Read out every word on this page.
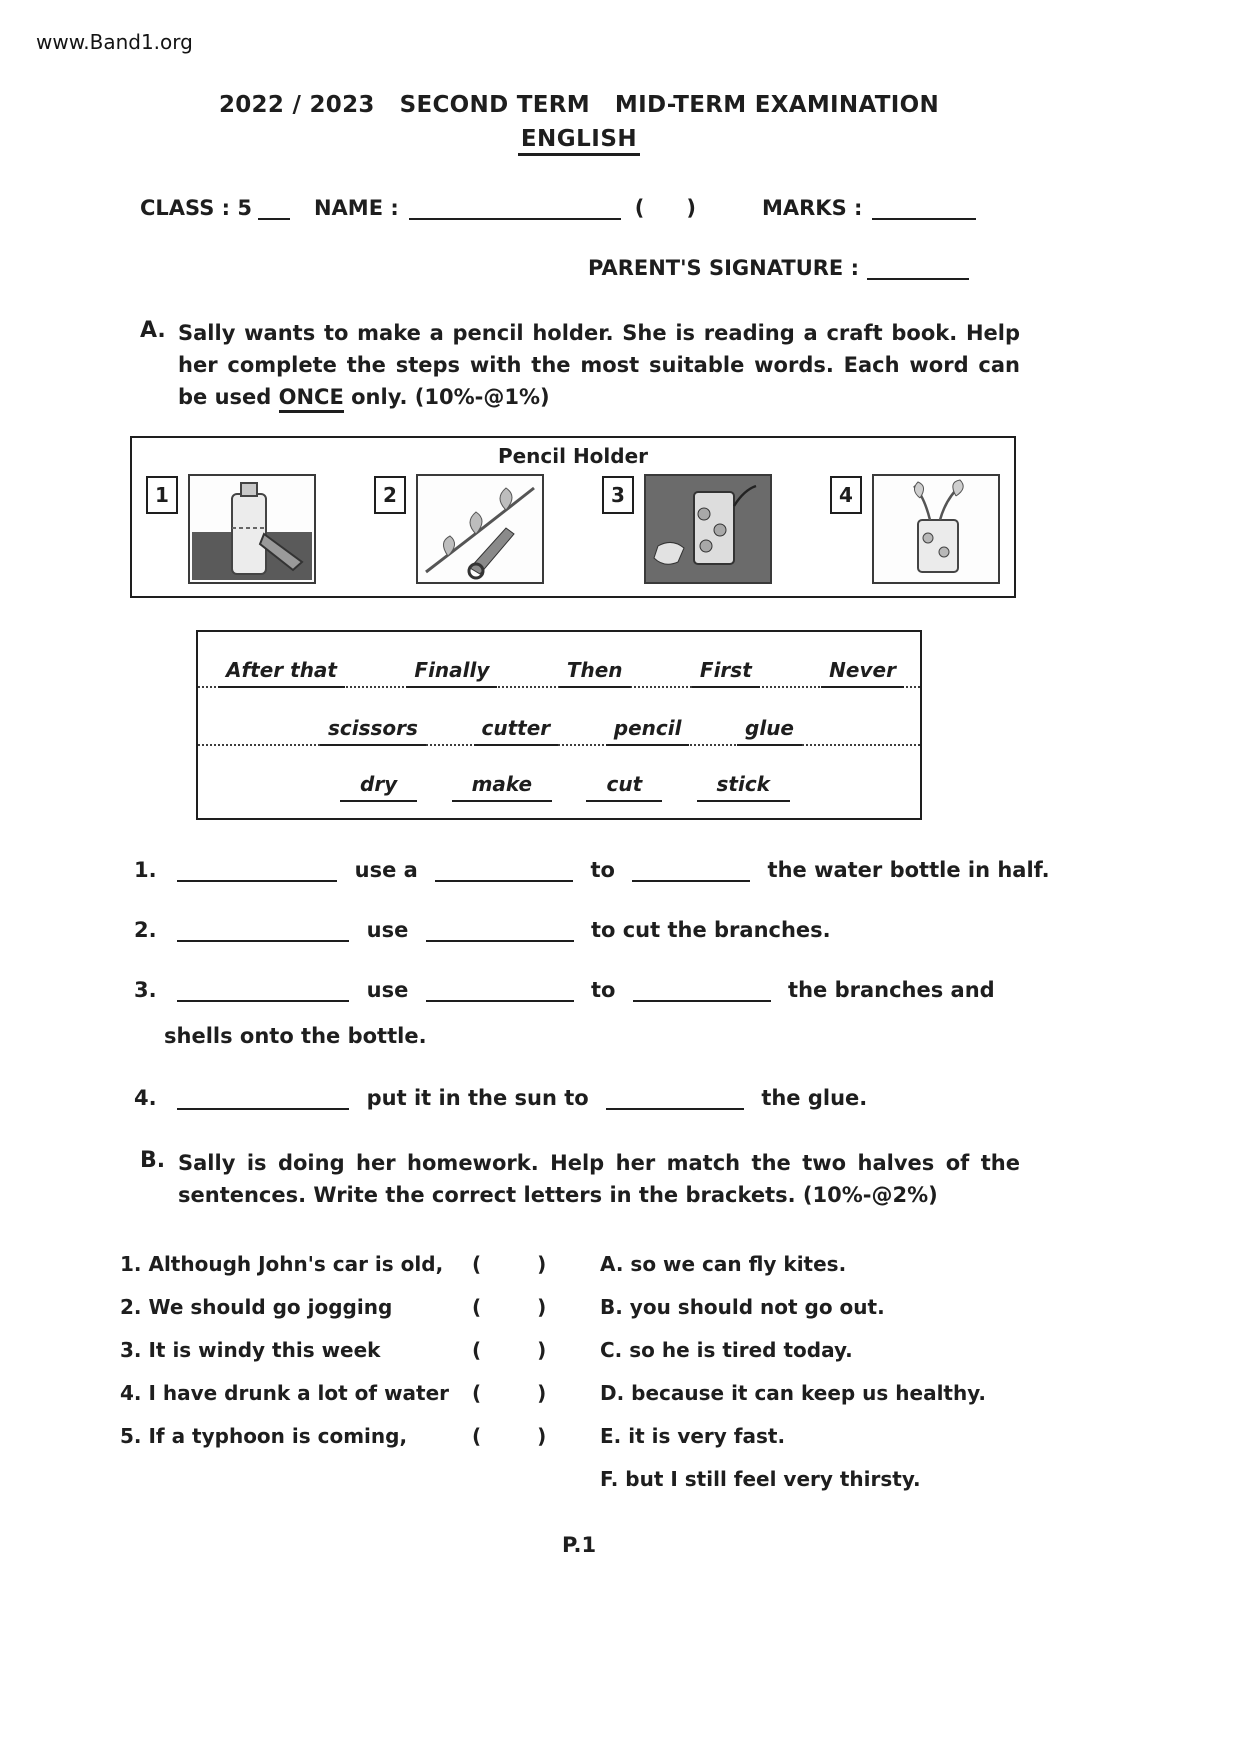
www.Band1.org
2022 / 2023   SECOND TERM   MID-TERM EXAMINATION
ENGLISH
CLASS : 5	NAME :	( )	MARKS :
PARENT'S SIGNATURE :
A. Sally wants to make a pencil holder. She is reading a craft book. Help her complete the steps with the most suitable words. Each word can be used ONCE only. (10%-@1%)
Pencil Holder
1	2	3	4
After that	Finally	Then	First	Never
scissors	cutter	pencil	glue
dry	make	cut	stick
1.	use a	to	the water bottle in half.
2.	use	to cut the branches.
3.	use	to	the branches and
shells onto the bottle.
4.	put it in the sun to	the glue.
B. Sally is doing her homework. Help her match the two halves of the sentences. Write the correct letters in the brackets. (10%-@2%)
1. Although John's car is old,	(	)	A. so we can fly kites.
2. We should go jogging	(	)	B. you should not go out.
3. It is windy this week	(	)	C. so he is tired today.
4. I have drunk a lot of water	(	)	D. because it can keep us healthy.
5. If a typhoon is coming,	(	)	E. it is very fast.
F. but I still feel very thirsty.
P.1
